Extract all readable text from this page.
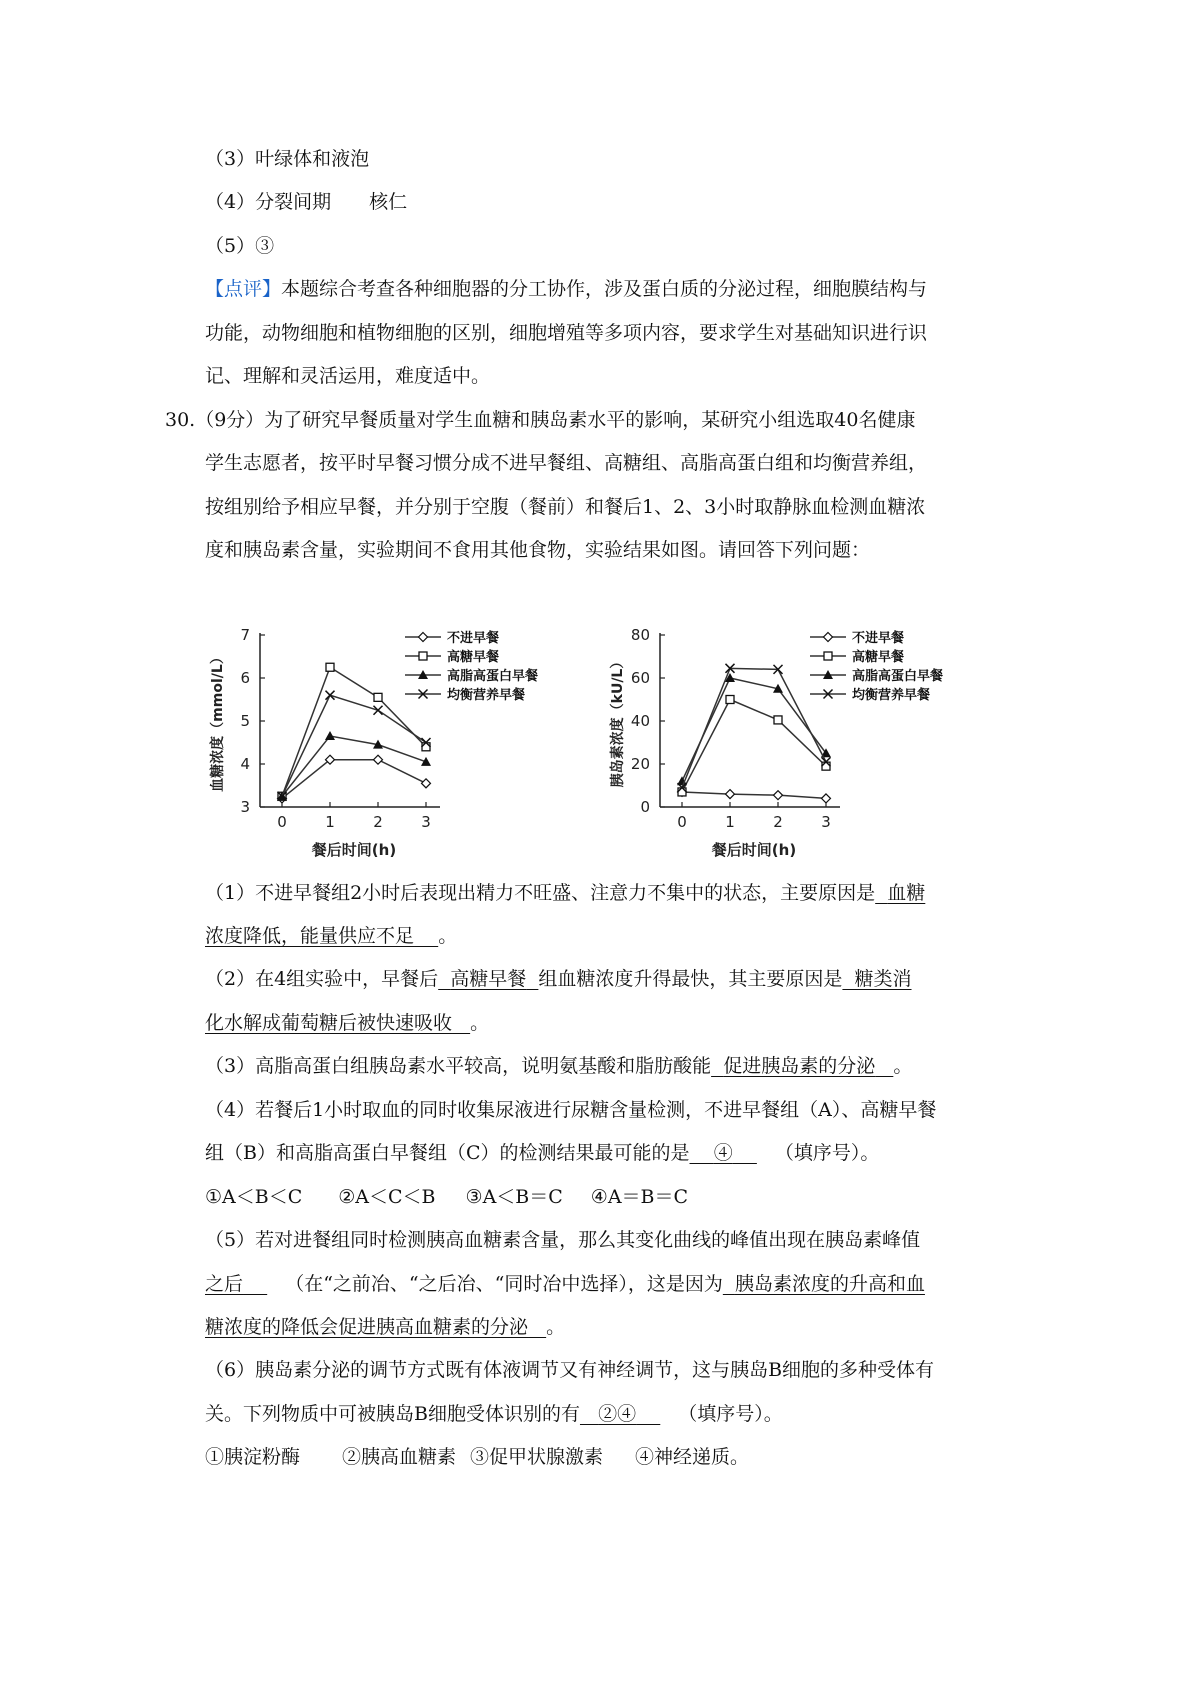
（3）叶绿体和液泡
（4）分裂间期 核仁
（5）③
【点评】本题综合考查各种细胞器的分工协作，涉及蛋白质的分泌过程，细胞膜结构与
功能，动物细胞和植物细胞的区别，细胞增殖等多项内容，要求学生对基础知识进行识
记、理解和灵活运用，难度适中。
30.（9分）为了研究早餐质量对学生血糖和胰岛素水平的影响，某研究小组选取40名健康
学生志愿者，按平时早餐习惯分成不进早餐组、高糖组、高脂高蛋白组和均衡营养组，
按组别给予相应早餐，并分别于空腹（餐前）和餐后1、2、3小时取静脉血检测血糖浓
度和胰岛素含量，实验期间不食用其他食物，实验结果如图。请回答下列问题：
3
4
5
6
7
0	1	2	3
餐后时间(h)
血糖浓度（mmol/L）
不进早餐
高糖早餐
高脂高蛋白早餐
均衡营养早餐
0
20
40
60
80
0	1	2	3
餐后时间(h)
胰岛素浓度（kU/L）
不进早餐
高糖早餐
高脂高蛋白早餐
均衡营养早餐
（1）不进早餐组2小时后表现出精力不旺盛、注意力不集中的状态，主要原因是 血糖
浓度降低，能量供应不足 。
（2）在4组实验中，早餐后 高糖早餐 组血糖浓度升得最快，其主要原因是 糖类消
化水解成葡萄糖后被快速吸收 。
（3）高脂高蛋白组胰岛素水平较高，说明氨基酸和脂肪酸能 促进胰岛素的分泌 。
（4）若餐后1小时取血的同时收集尿液进行尿糖含量检测，不进早餐组（A）、高糖早餐
组（B）和高脂高蛋白早餐组（C）的检测结果最可能的是 ④ （填序号）。
①A＜B＜C ②A＜C＜B ③A＜B＝C ④A＝B＝C
（5）若对进餐组同时检测胰高血糖素含量，那么其变化曲线的峰值出现在胰岛素峰值
之后 （在“之前冶、“之后冶、“同时冶中选择），这是因为 胰岛素浓度的升高和血
糖浓度的降低会促进胰高血糖素的分泌 。
（6）胰岛素分泌的调节方式既有体液调节又有神经调节，这与胰岛B细胞的多种受体有
关。下列物质中可被胰岛B细胞受体识别的有 ②④ （填序号）。
①胰淀粉酶 ②胰高血糖素 ③促甲状腺激素 ④神经递质。
